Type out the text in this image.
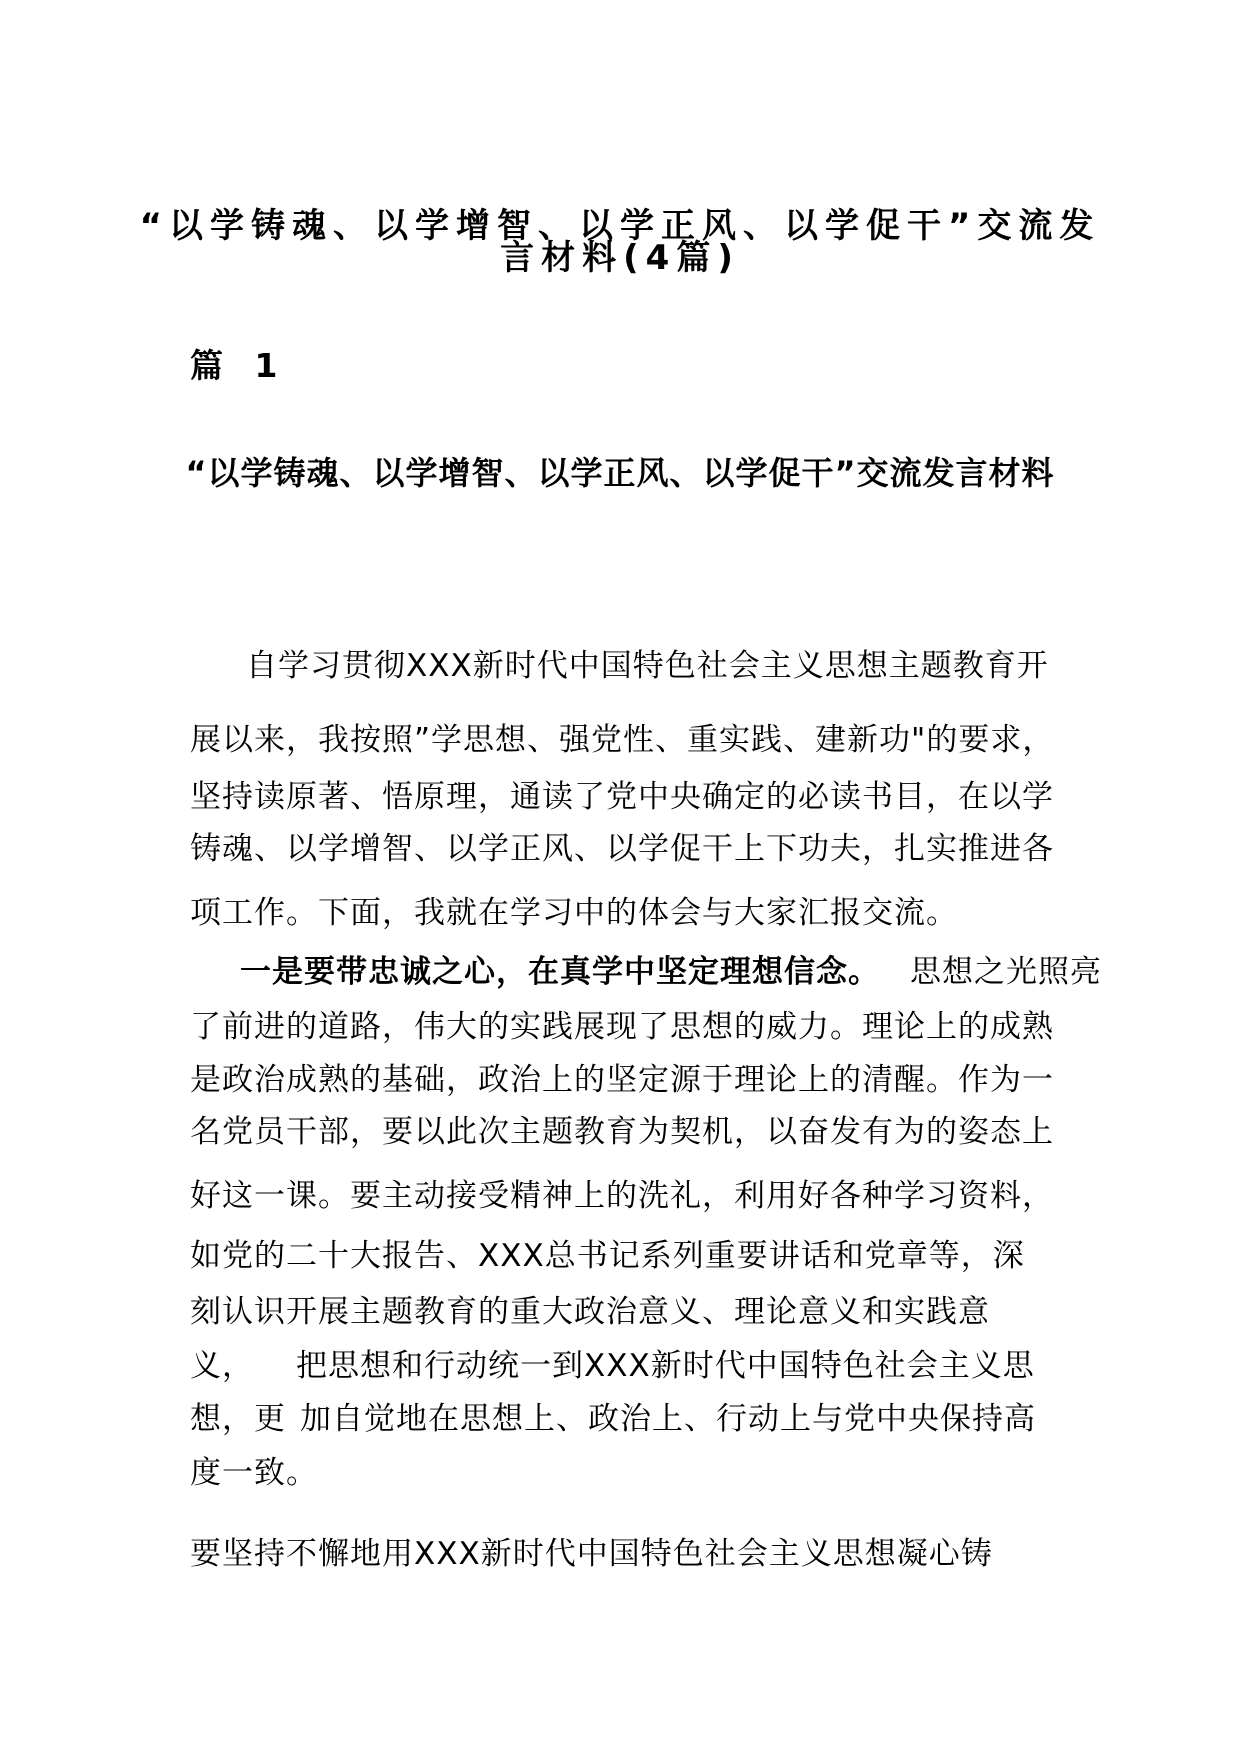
“以学铸魂、以学增智、以学正风、以学促干”交流发
言材料(4篇)
篇 1
“以学铸魂、以学增智、以学正风、以学促干”交流发言材料
自学习贯彻XXX新时代中国特色社会主义思想主题教育开
展以来，我按照”学思想、强党性、重实践、建新功"的要求，
坚持读原著、悟原理，通读了党中央确定的必读书目，在以学
铸魂、以学增智、以学正风、以学促干上下功夫，扎实推进各
项工作。下面，我就在学习中的体会与大家汇报交流。
一是要带忠诚之心，在真学中坚定理想信念。 思想之光照亮
了前进的道路，伟大的实践展现了思想的威力。理论上的成熟
是政治成熟的基础，政治上的坚定源于理论上的清醒。作为一
名党员干部，要以此次主题教育为契机，以奋发有为的姿态上
好这一课。要主动接受精神上的洗礼，利用好各种学习资料，
如党的二十大报告、XXX总书记系列重要讲话和党章等，深
刻认识开展主题教育的重大政治意义、理论意义和实践意
义， 把思想和行动统一到XXX新时代中国特色社会主义思
想，更 加自觉地在思想上、政治上、行动上与党中央保持高
度一致。
要坚持不懈地用XXX新时代中国特色社会主义思想凝心铸
